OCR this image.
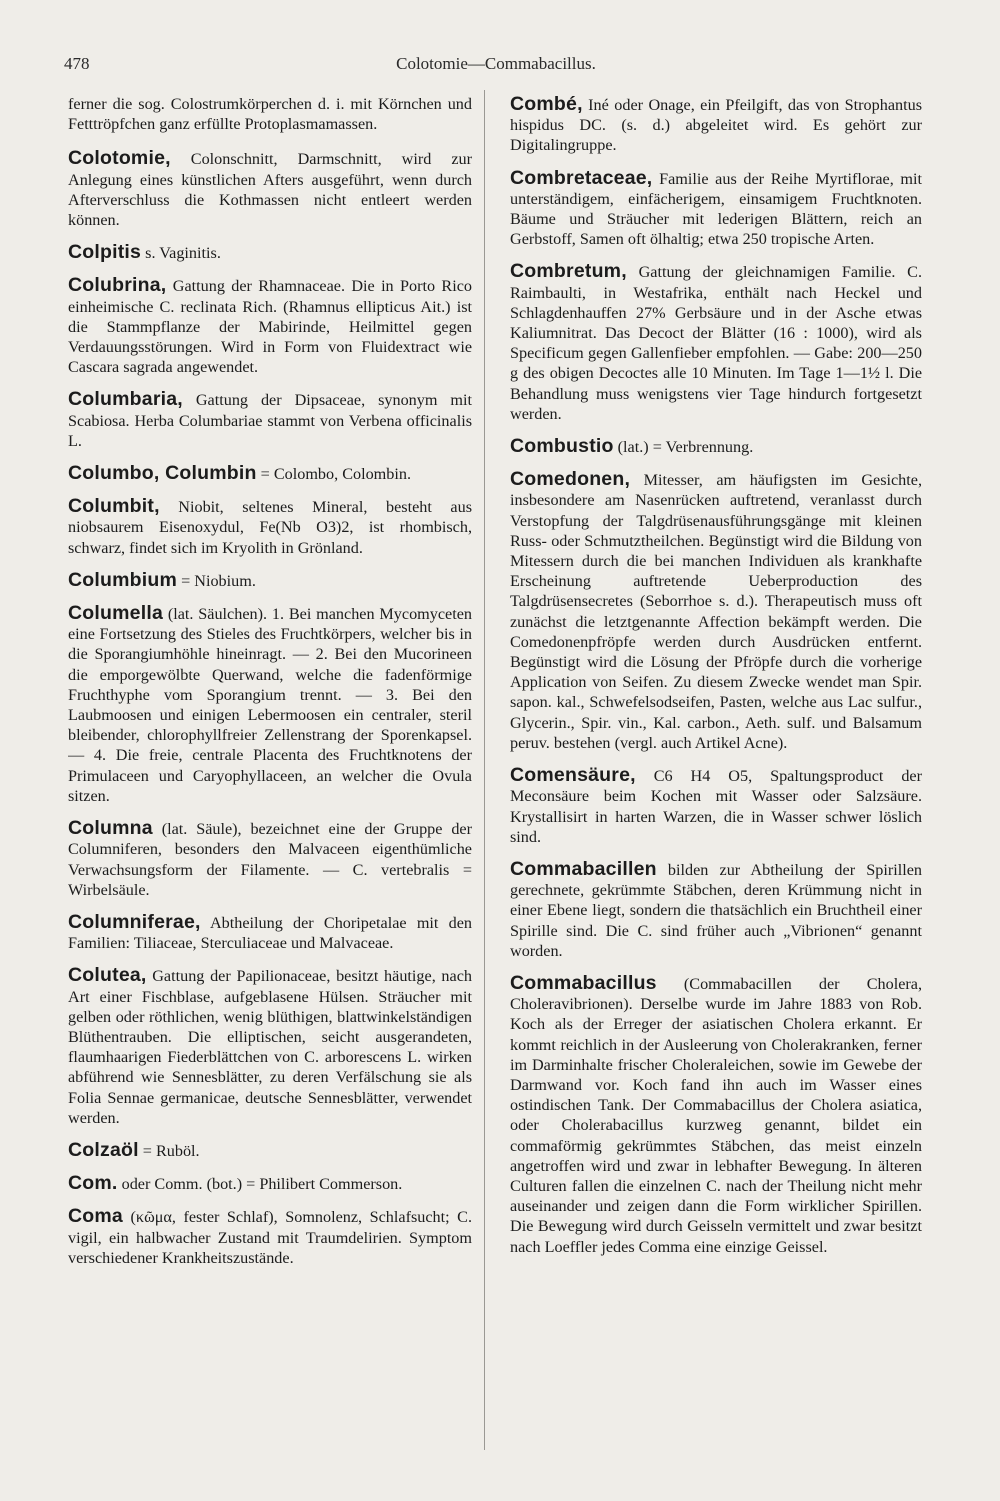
478	Colotomie—Commabacillus.

ferner die sog. Colostrumkörperchen d. i. mit Körnchen und Fetttröpfchen ganz erfüllte Protoplasmamassen.

Colotomie, Colonschnitt, Darmschnitt, wird zur Anlegung eines künstlichen Afters ausgeführt, wenn durch Afterverschluss die Kothmassen nicht entleert werden können.

Colpitis s. Vaginitis.

Colubrina, Gattung der Rhamnaceae. Die in Porto Rico einheimische C. reclinata Rich. (Rhamnus ellipticus Ait.) ist die Stammpflanze der Mabirinde, Heilmittel gegen Verdauungsstörungen. Wird in Form von Fluidextract wie Cascara sagrada angewendet.

Columbaria, Gattung der Dipsaceae, synonym mit Scabiosa. Herba Columbariae stammt von Verbena officinalis L.

Columbo, Columbin = Colombo, Colombin.

Columbit, Niobit, seltenes Mineral, besteht aus niobsaurem Eisenoxydul, Fe(Nb O3)2, ist rhombisch, schwarz, findet sich im Kryolith in Grönland.

Columbium = Niobium.

Columella (lat. Säulchen). 1. Bei manchen Mycomyceten eine Fortsetzung des Stieles des Fruchtkörpers, welcher bis in die Sporangiumhöhle hineinragt. — 2. Bei den Mucorineen die emporgewölbte Querwand, welche die fadenförmige Fruchthyphe vom Sporangium trennt. — 3. Bei den Laubmoosen und einigen Lebermoosen ein centraler, steril bleibender, chlorophyllfreier Zellenstrang der Sporenkapsel. — 4. Die freie, centrale Placenta des Fruchtknotens der Primulaceen und Caryophyllaceen, an welcher die Ovula sitzen.

Columna (lat. Säule), bezeichnet eine der Gruppe der Columniferen, besonders den Malvaceen eigenthümliche Verwachsungsform der Filamente. — C. vertebralis = Wirbelsäule.

Columniferae, Abtheilung der Choripetalae mit den Familien: Tiliaceae, Sterculiaceae und Malvaceae.

Colutea, Gattung der Papilionaceae, besitzt häutige, nach Art einer Fischblase, aufgeblasene Hülsen. Sträucher mit gelben oder röthlichen, wenig blüthigen, blattwinkelständigen Blüthentrauben. Die elliptischen, seicht ausgerandeten, flaumhaarigen Fiederblättchen von C. arborescens L. wirken abführend wie Sennesblätter, zu deren Verfälschung sie als Folia Sennae germanicae, deutsche Sennesblätter, verwendet werden.

Colzaöl = Ruböl.

Com. oder Comm. (bot.) = Philibert Commerson.

Coma (κῶμα, fester Schlaf), Somnolenz, Schlafsucht; C. vigil, ein halbwacher Zustand mit Traumdelirien. Symptom verschiedener Krankheitszustände.

Combé, Iné oder Onage, ein Pfeilgift, das von Strophantus hispidus DC. (s. d.) abgeleitet wird. Es gehört zur Digitalingruppe.

Combretaceae, Familie aus der Reihe Myrtiflorae, mit unterständigem, einfächerigem, einsamigem Fruchtknoten. Bäume und Sträucher mit lederigen Blättern, reich an Gerbstoff, Samen oft ölhaltig; etwa 250 tropische Arten.

Combretum, Gattung der gleichnamigen Familie. C. Raimbaulti, in Westafrika, enthält nach Heckel und Schlagdenhauffen 27% Gerbsäure und in der Asche etwas Kaliumnitrat. Das Decoct der Blätter (16 : 1000), wird als Specificum gegen Gallenfieber empfohlen. — Gabe: 200—250 g des obigen Decoctes alle 10 Minuten. Im Tage 1—1½ l. Die Behandlung muss wenigstens vier Tage hindurch fortgesetzt werden.

Combustio (lat.) = Verbrennung.

Comedonen, Mitesser, am häufigsten im Gesichte, insbesondere am Nasenrücken auftretend, veranlasst durch Verstopfung der Talgdrüsenausführungsgänge mit kleinen Russ- oder Schmutztheilchen. Begünstigt wird die Bildung von Mitessern durch die bei manchen Individuen als krankhafte Erscheinung auftretende Ueberproduction des Talgdrüsensecretes (Seborrhoe s. d.). Therapeutisch muss oft zunächst die letztgenannte Affection bekämpft werden. Die Comedonenpfröpfe werden durch Ausdrücken entfernt. Begünstigt wird die Lösung der Pfröpfe durch die vorherige Application von Seifen. Zu diesem Zwecke wendet man Spir. sapon. kal., Schwefelsodseifen, Pasten, welche aus Lac sulfur., Glycerin., Spir. vin., Kal. carbon., Aeth. sulf. und Balsamum peruv. bestehen (vergl. auch Artikel Acne).

Comensäure, C6 H4 O5, Spaltungsproduct der Meconsäure beim Kochen mit Wasser oder Salzsäure. Krystallisirt in harten Warzen, die in Wasser schwer löslich sind.

Commabacillen bilden zur Abtheilung der Spirillen gerechnete, gekrümmte Stäbchen, deren Krümmung nicht in einer Ebene liegt, sondern die thatsächlich ein Bruchtheil einer Spirille sind. Die C. sind früher auch „Vibrionen“ genannt worden.

Commabacillus (Commabacillen der Cholera, Choleravibrionen). Derselbe wurde im Jahre 1883 von Rob. Koch als der Erreger der asiatischen Cholera erkannt. Er kommt reichlich in der Ausleerung von Cholerakranken, ferner im Darminhalte frischer Choleraleichen, sowie im Gewebe der Darmwand vor. Koch fand ihn auch im Wasser eines ostindischen Tank. Der Commabacillus der Cholera asiatica, oder Cholerabacillus kurzweg genannt, bildet ein commaförmig gekrümmtes Stäbchen, das meist einzeln angetroffen wird und zwar in lebhafter Bewegung. In älteren Culturen fallen die einzelnen C. nach der Theilung nicht mehr auseinander und zeigen dann die Form wirklicher Spirillen. Die Bewegung wird durch Geisseln vermittelt und zwar besitzt nach Loeffler jedes Comma eine einzige Geissel.
